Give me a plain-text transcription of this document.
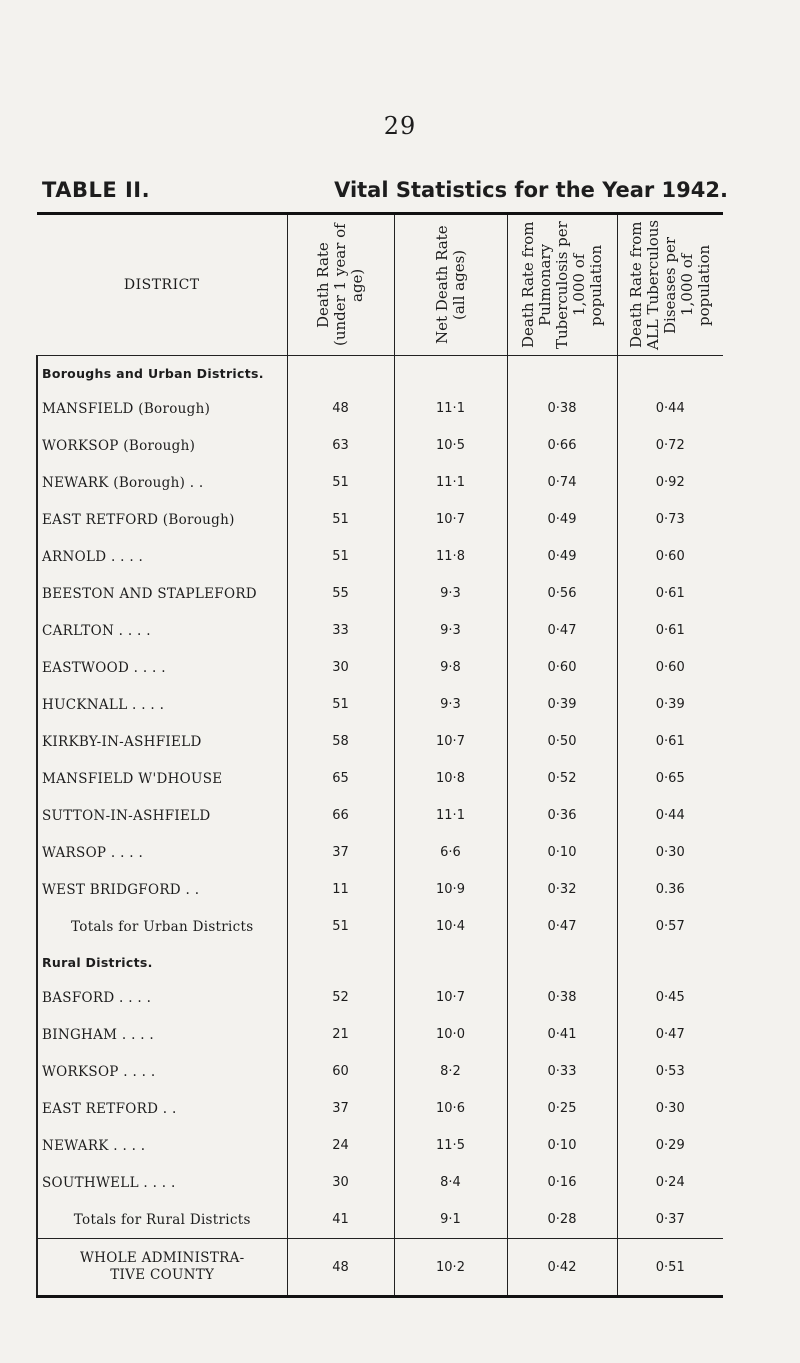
29
TABLE II.	Vital Statistics for the Year 1942.
DISTRICT	Death Rate (under 1 year of age)	Net Death Rate (all ages)	Death Rate from Pulmonary Tuberculosis per 1,000 of population	Death Rate from ALL Tuberculous Diseases per 1,000 of population

Boroughs and Urban Districts.				
MANSFIELD (Borough)	48	11·1	0·38	0·44
WORKSOP (Borough)	63	10·5	0·66	0·72
NEWARK (Borough) . .	51	11·1	0·74	0·92
EAST RETFORD (Borough)	51	10·7	0·49	0·73
ARNOLD . . . .	51	11·8	0·49	0·60
BEESTON AND STAPLEFORD	55	9·3	0·56	0·61
CARLTON . . . .	33	9·3	0·47	0·61
EASTWOOD . . . .	30	9·8	0·60	0·60
HUCKNALL . . . .	51	9·3	0·39	0·39
KIRKBY-IN-ASHFIELD	58	10·7	0·50	0·61
MANSFIELD W'DHOUSE	65	10·8	0·52	0·65
SUTTON-IN-ASHFIELD	66	11·1	0·36	0·44
WARSOP . . . .	37	6·6	0·10	0·30
WEST BRIDGFORD . .	11	10·9	0·32	0.36
Totals for Urban Districts	51	10·4	0·47	0·57
Rural Districts.				
BASFORD . . . .	52	10·7	0·38	0·45
BINGHAM . . . .	21	10·0	0·41	0·47
WORKSOP . . . .	60	8·2	0·33	0·53
EAST RETFORD . .	37	10·6	0·25	0·30
NEWARK . . . .	24	11·5	0·10	0·29
SOUTHWELL . . . .	30	8·4	0·16	0·24
Totals for Rural Districts	41	9·1	0·28	0·37

WHOLE ADMINISTRA-
TIVE COUNTY	48	10·2	0·42	0·51
